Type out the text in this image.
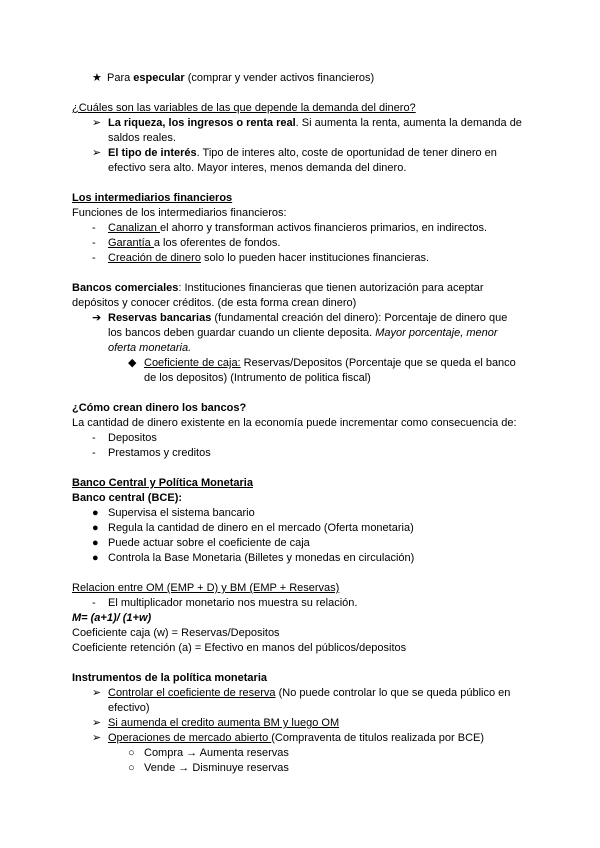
★ Para especular (comprar y vender activos financieros)
¿Cuáles son las variables de las que depende la demanda del dinero?
➢ La riqueza, los ingresos o renta real. Si aumenta la renta, aumenta la demanda de
saldos reales.
➢ El tipo de interés. Tipo de interes alto, coste de oportunidad de tener dinero en
efectivo sera alto. Mayor interes, menos demanda del dinero.
Los intermediarios financieros
Funciones de los intermediarios financieros:
- Canalizan el ahorro y transforman activos financieros primarios, en indirectos.
- Garantía a los oferentes de fondos.
- Creación de dinero solo lo pueden hacer instituciones financieras.
Bancos comerciales: Instituciones financieras que tienen autorización para aceptar
depósitos y conocer créditos. (de esta forma crean dinero)
➔ Reservas bancarias (fundamental creación del dinero): Porcentaje de dinero que
los bancos deben guardar cuando un cliente deposita. Mayor porcentaje, menor
oferta monetaria.
◆ Coeficiente de caja: Reservas/Depositos (Porcentaje que se queda el banco
de los depositos) (Intrumento de politica fiscal)
¿Cómo crean dinero los bancos?
La cantidad de dinero existente en la economía puede incrementar como consecuencia de:
- Depositos
- Prestamos y creditos
Banco Central y Política Monetaria
Banco central (BCE):
● Supervisa el sistema bancario
● Regula la cantidad de dinero en el mercado (Oferta monetaria)
● Puede actuar sobre el coeficiente de caja
● Controla la Base Monetaria (Billetes y monedas en circulación)
Relacion entre OM (EMP + D) y BM (EMP + Reservas)
- El multiplicador monetario nos muestra su relación.
M= (a+1)/ (1+w)
Coeficiente caja (w) = Reservas/Depositos
Coeficiente retención (a) = Efectivo en manos del públicos/depositos
Instrumentos de la política monetaria
➢ Controlar el coeficiente de reserva (No puede controlar lo que se queda público en
efectivo)
➢ Si aumenda el credito aumenta BM y luego OM
➢ Operaciones de mercado abierto (Compraventa de titulos realizada por BCE)
○ Compra → Aumenta reservas
○ Vende → Disminuye reservas
